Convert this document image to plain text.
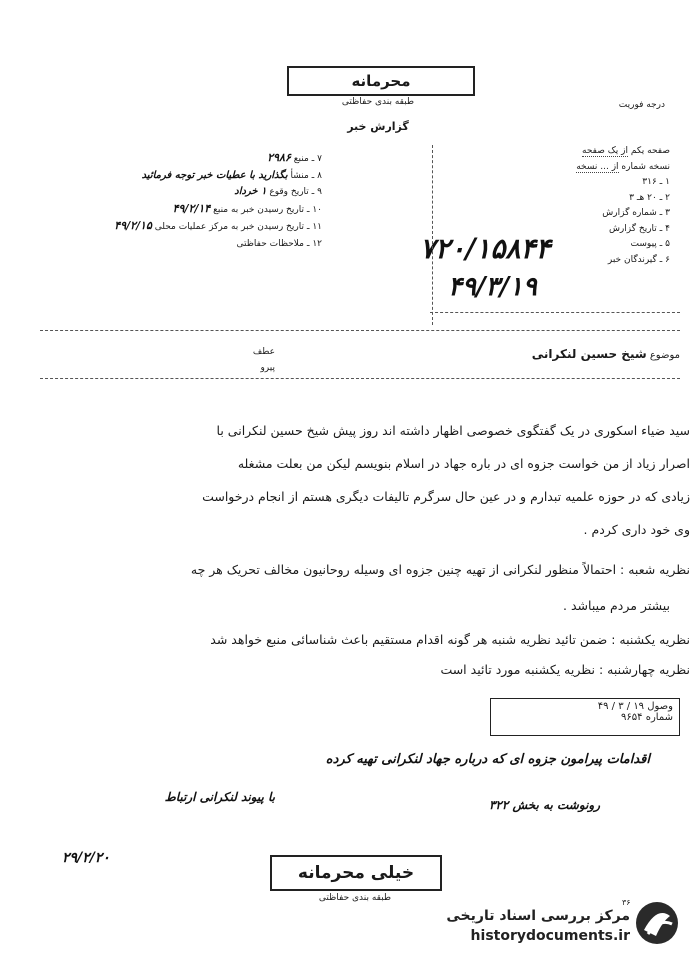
محرمانه
طبقه بندی حفاظتی	درجه فوریت
گزارش خبر
صفحه یکم از یک صفحه
نسخه شماره از ... نسخه
۱ ـ ۳۱۶
۲ ـ ۲۰ هـ ۳
۳ ـ شماره گزارش
۴ ـ تاریخ گزارش
۵ ـ پیوست
۶ ـ گیرندگان خبر
۷ ـ منبع ۲۹۸۶
۸ ـ منشأ بگذارید با عطیات خبر توجه فرمائید
۹ ـ تاریخ وقوع ۱ خرداد
۱۰ ـ تاریخ رسیدن خبر به منبع ۴۹/۲/۱۴
۱۱ ـ تاریخ رسیدن خبر به مرکز عملیات محلی ۴۹/۲/۱۵
۱۲ ـ ملاحظات حفاظتی	۷۲۰/۱۵۸۴۴
۴۹/۳/۱۹
موضوع شیخ حسین لنکرانی
عطف
پیرو
سید ضیاء اسکوری در یک گفتگوی خصوصی اظهار داشته اند روز پیش شیخ حسین لنکرانی با
اصرار زیاد از من خواست جزوه ای در باره جهاد در اسلام بنویسم لیکن من بعلت مشغله
زیادی که در حوزه علمیه تبدارم و در عین حال سرگرم تالیفات دیگری هستم از انجام درخواست
وی خود داری کردم .
نظریه شعبه : احتمالاً منظور لنکرانی از تهیه چنین جزوه ای وسیله روحانیون مخالف تحریک هر چه
بیشتر مردم میباشد .
نظریه یکشنبه : ضمن تائید نظریه شنبه هر گونه اقدام مستقیم باعث شناسائی منبع خواهد شد
نظریه چهارشنبه : نظریه یکشنبه مورد تائید است
وصول ۱۹ / ۳ / ۴۹
شماره ۹۶۵۴
اقدامات پیرامون جزوه ای که درباره جهاد لنکرانی تهیه کرده
رونوشت به بخش ۳۲۲
با پیوند لنکرانی ارتباط
۲۹/۲/۲۰
خیلی محرمانه
طبقه بندی حفاظتی	۳۶
مرکز بررسی اسناد تاریخی
historydocuments.ir
